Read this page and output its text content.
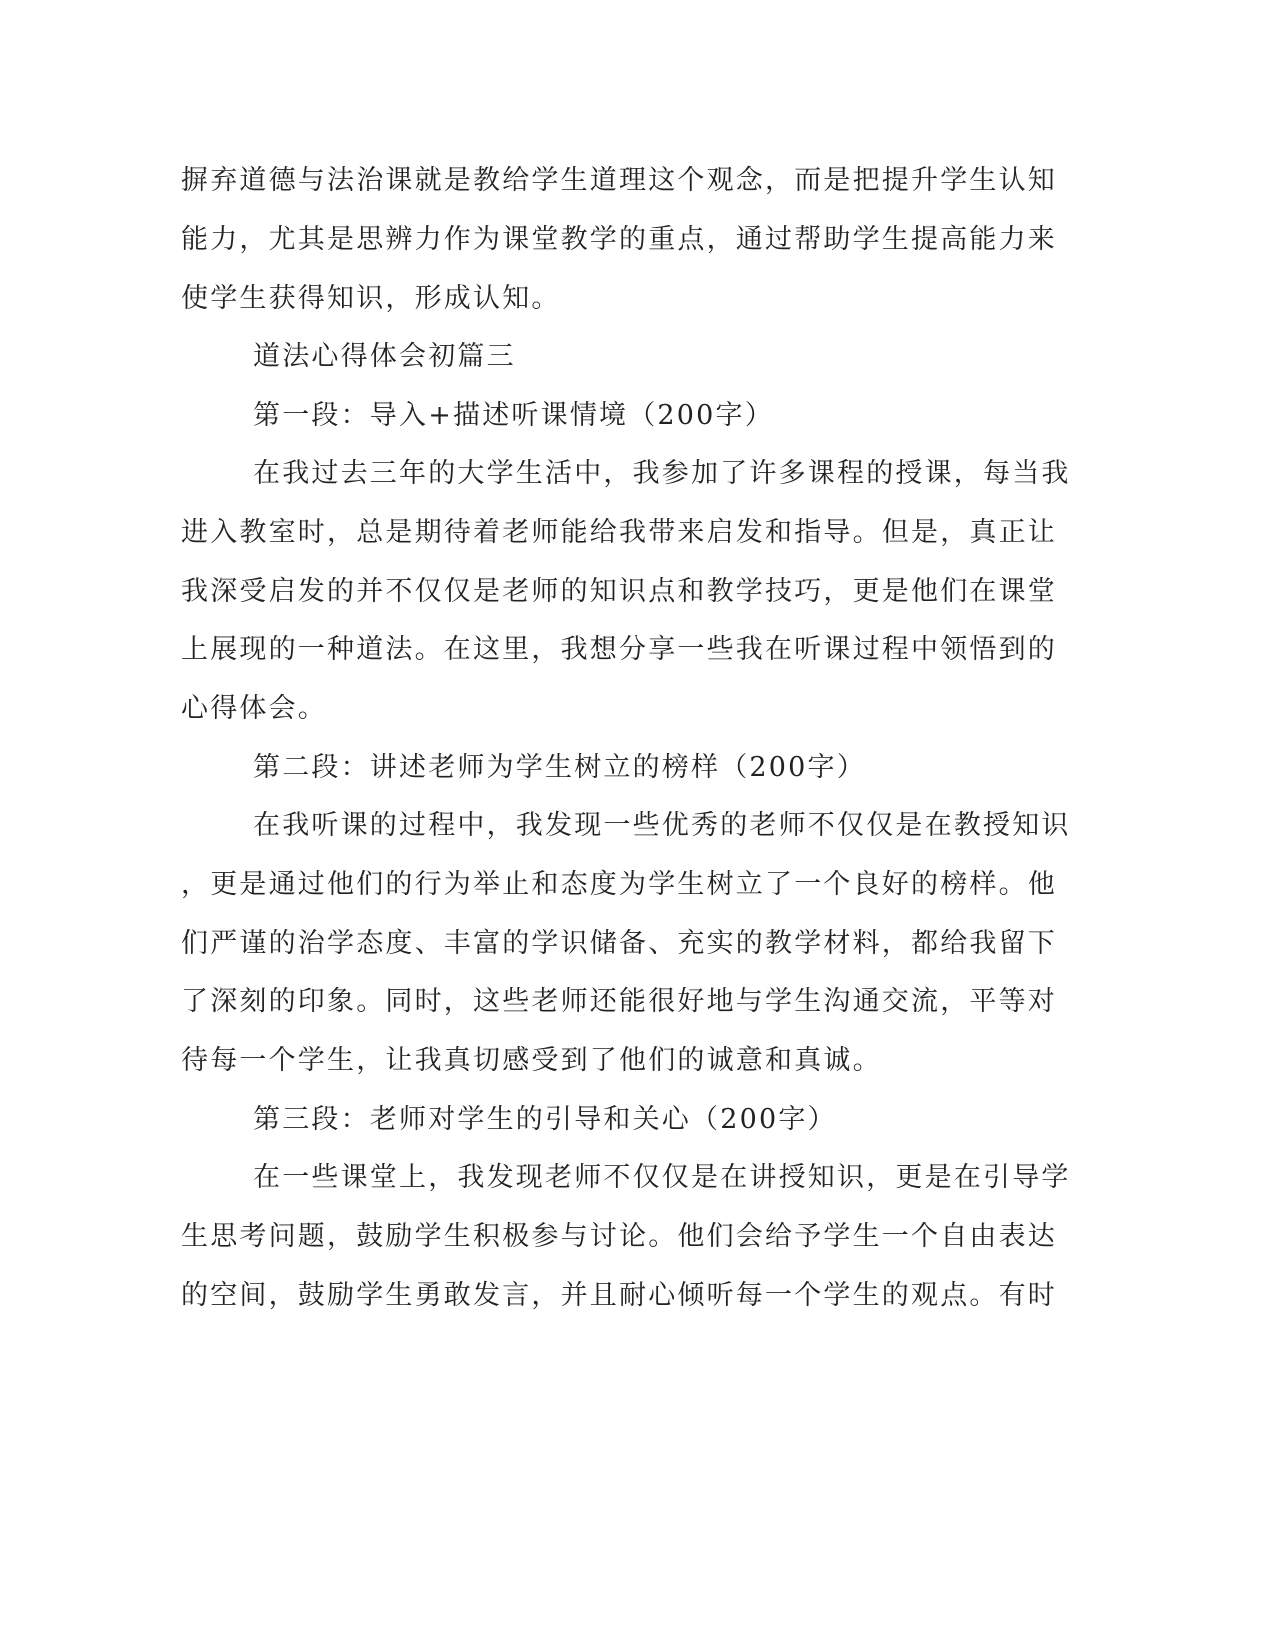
摒弃道德与法治课就是教给学生道理这个观念，而是把提升学生认知

能力，尤其是思辨力作为课堂教学的重点，通过帮助学生提高能力来

使学生获得知识，形成认知。

道法心得体会初篇三

第一段：导入+描述听课情境（200字）

在我过去三年的大学生活中，我参加了许多课程的授课，每当我

进入教室时，总是期待着老师能给我带来启发和指导。但是，真正让

我深受启发的并不仅仅是老师的知识点和教学技巧，更是他们在课堂

上展现的一种道法。在这里，我想分享一些我在听课过程中领悟到的

心得体会。

第二段：讲述老师为学生树立的榜样（200字）

在我听课的过程中，我发现一些优秀的老师不仅仅是在教授知识

，更是通过他们的行为举止和态度为学生树立了一个良好的榜样。他

们严谨的治学态度、丰富的学识储备、充实的教学材料，都给我留下

了深刻的印象。同时，这些老师还能很好地与学生沟通交流，平等对

待每一个学生，让我真切感受到了他们的诚意和真诚。

第三段：老师对学生的引导和关心（200字）

在一些课堂上，我发现老师不仅仅是在讲授知识，更是在引导学

生思考问题，鼓励学生积极参与讨论。他们会给予学生一个自由表达

的空间，鼓励学生勇敢发言，并且耐心倾听每一个学生的观点。有时
